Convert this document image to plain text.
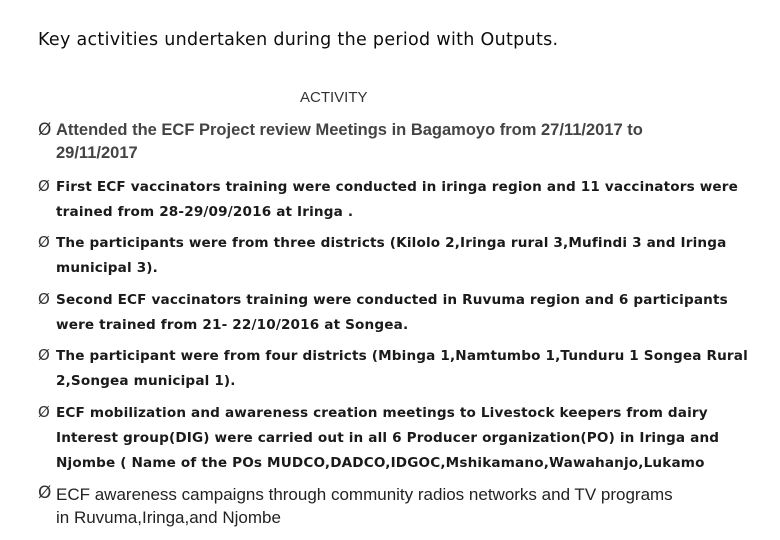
Key activities undertaken during the period with Outputs.
ACTIVITY
Ø Attended the ECF Project review Meetings in Bagamoyo from 27/11/2017 to
29/11/2017
Ø First ECF vaccinators training were conducted in iringa region and 11 vaccinators were
trained from 28-29/09/2016 at Iringa .
Ø The participants were from three districts (Kilolo 2,Iringa rural 3,Mufindi 3 and Iringa
municipal 3).
Ø Second ECF vaccinators training were conducted in Ruvuma region and 6 participants
were trained from 21- 22/10/2016 at Songea.
Ø The participant were from four districts (Mbinga 1,Namtumbo 1,Tunduru 1 Songea Rural
2,Songea municipal 1).
Ø ECF mobilization and awareness creation meetings to Livestock keepers from dairy
Interest group(DIG) were carried out in all 6 Producer organization(PO) in Iringa and
Njombe ( Name of the POs MUDCO,DADCO,IDGOC,Mshikamano,Wawahanjo,Lukamo
Ø ECF awareness campaigns through community radios networks and TV programs
in Ruvuma,Iringa,and Njombe
